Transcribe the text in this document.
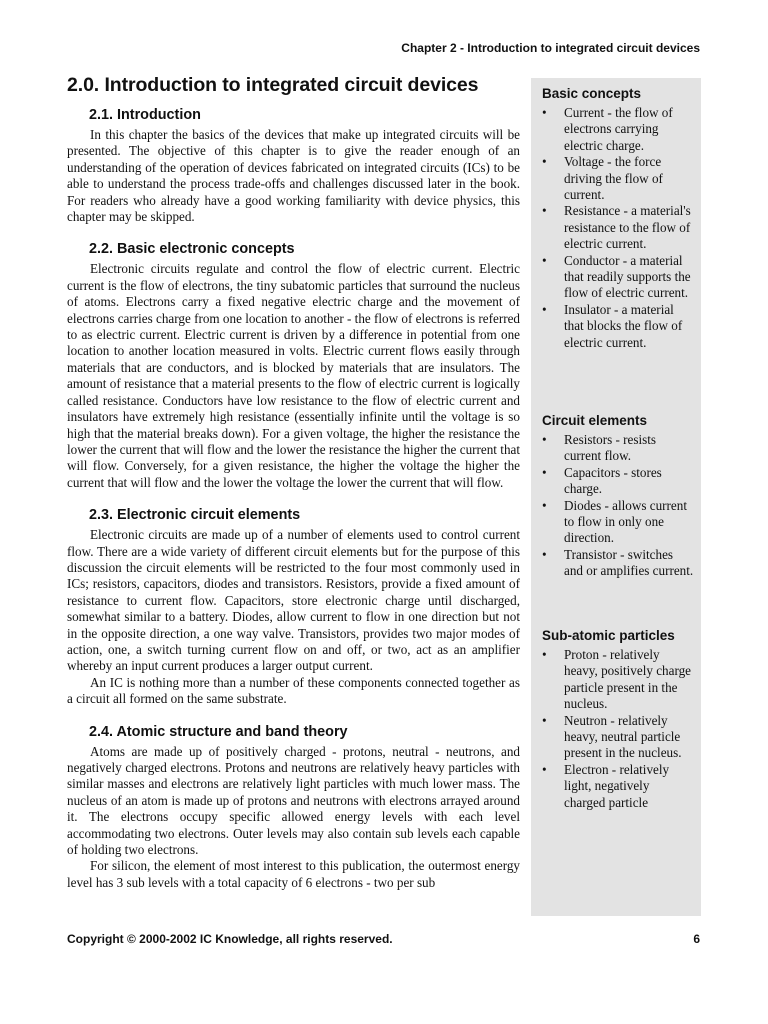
Chapter 2 - Introduction to integrated circuit devices
2.0. Introduction to integrated circuit devices
2.1. Introduction

In this chapter the basics of the devices that make up integrated circuits will be presented. The objective of this chapter is to give the reader enough of an understanding of the operation of devices fabricated on integrated circuits (ICs) to be able to understand the process trade-offs and challenges discussed later in the book. For readers who already have a good working familiarity with device physics, this chapter may be skipped.

2.2. Basic electronic concepts

Electronic circuits regulate and control the flow of electric current. Electric current is the flow of electrons, the tiny subatomic particles that surround the nucleus of atoms. Electrons carry a fixed negative electric charge and the movement of electrons carries charge from one location to another - the flow of electrons is referred to as electric current. Electric current is driven by a difference in potential from one location to another location measured in volts. Electric current flows easily through materials that are conductors, and is blocked by materials that are insulators. The amount of resistance that a material presents to the flow of electric current is logically called resistance. Conductors have low resistance to the flow of electric current and insulators have extremely high resistance (essentially infinite until the voltage is so high that the material breaks down). For a given voltage, the higher the resistance the lower the current that will flow and the lower the resistance the higher the current that will flow. Conversely, for a given resistance, the higher the voltage the higher the current that will flow and the lower the voltage the lower the current that will flow.

2.3. Electronic circuit elements

Electronic circuits are made up of a number of elements used to control current flow. There are a wide variety of different circuit elements but for the purpose of this discussion the circuit elements will be restricted to the four most commonly used in ICs; resistors, capacitors, diodes and transistors. Resistors, provide a fixed amount of resistance to current flow. Capacitors, store electronic charge until discharged, somewhat similar to a battery. Diodes, allow current to flow in one direction but not in the opposite direction, a one way valve. Transistors, provides two major modes of action, one, a switch turning current flow on and off, or two, act as an amplifier whereby an input current produces a larger output current.

An IC is nothing more than a number of these components connected together as a circuit all formed on the same substrate.

2.4. Atomic structure and band theory

Atoms are made up of positively charged - protons, neutral - neutrons, and negatively charged electrons. Protons and neutrons are relatively heavy particles with similar masses and electrons are relatively light particles with much lower mass. The nucleus of an atom is made up of protons and neutrons with electrons arrayed around it. The electrons occupy specific allowed energy levels with each level accommodating two electrons. Outer levels may also contain sub levels each capable of holding two electrons.

For silicon, the element of most interest to this publication, the outermost energy level has 3 sub levels with a total capacity of 6 electrons - two per sub

Basic concepts
• Current - the flow of electrons carrying electric charge.
• Voltage - the force driving the flow of current.
• Resistance - a material's resistance to the flow of electric current.
• Conductor - a material that readily supports the flow of electric current.
• Insulator - a material that blocks the flow of electric current.
Circuit elements
• Resistors - resists current flow.
• Capacitors - stores charge.
• Diodes - allows current to flow in only one direction.
• Transistor - switches and or amplifies current.
Sub-atomic particles
• Proton - relatively heavy, positively charge particle present in the nucleus.
• Neutron - relatively heavy, neutral particle present in the nucleus.
• Electron - relatively light, negatively charged particle
Copyright © 2000-2002 IC Knowledge, all rights reserved.	6
